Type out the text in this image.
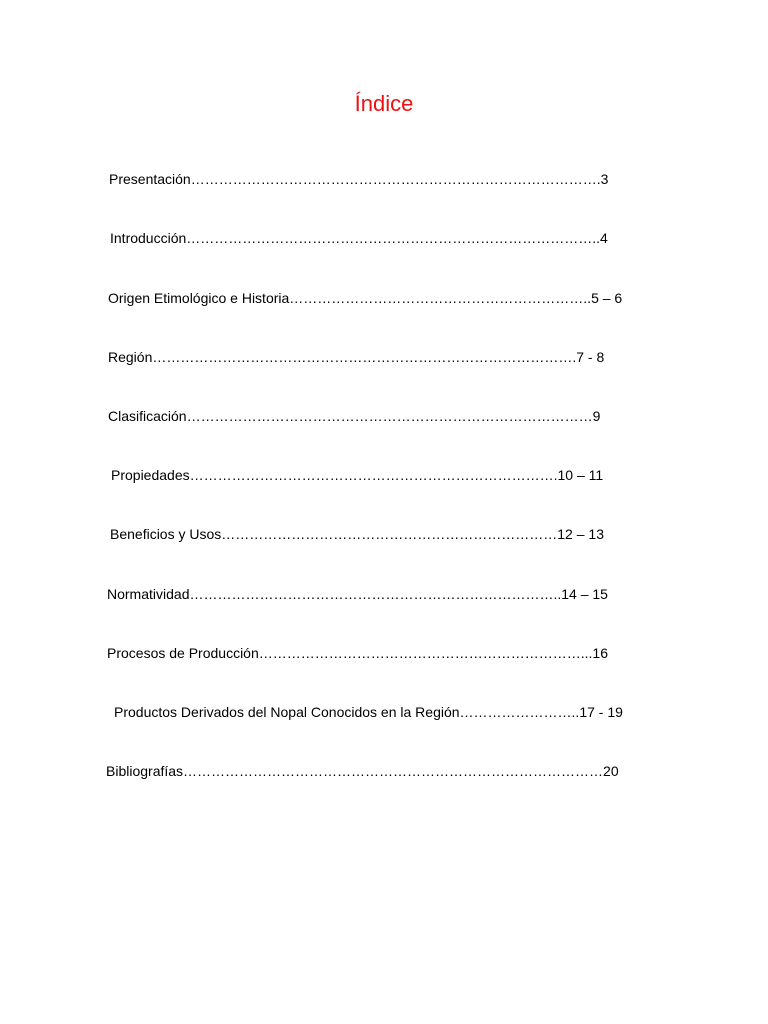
Índice
Presentación…………………………………………………………………………….3
Introducción……………………………………………………………………………..4
Origen Etimológico e Historia………………………………………………………..5 – 6
Región……………………………………………………………………………….7 - 8
Clasificación……………………………………………………………………………9
Propiedades…………………………………………………………………….10 – 11
Beneficios y Usos………………………………………………………………12 – 13
Normatividad……………………………………………………………………..14 – 15
Procesos de Producción……………………………………………………………...16
Productos Derivados del Nopal Conocidos en la Región……………………..17 - 19
Bibliografías………………………………………………………………………………20
